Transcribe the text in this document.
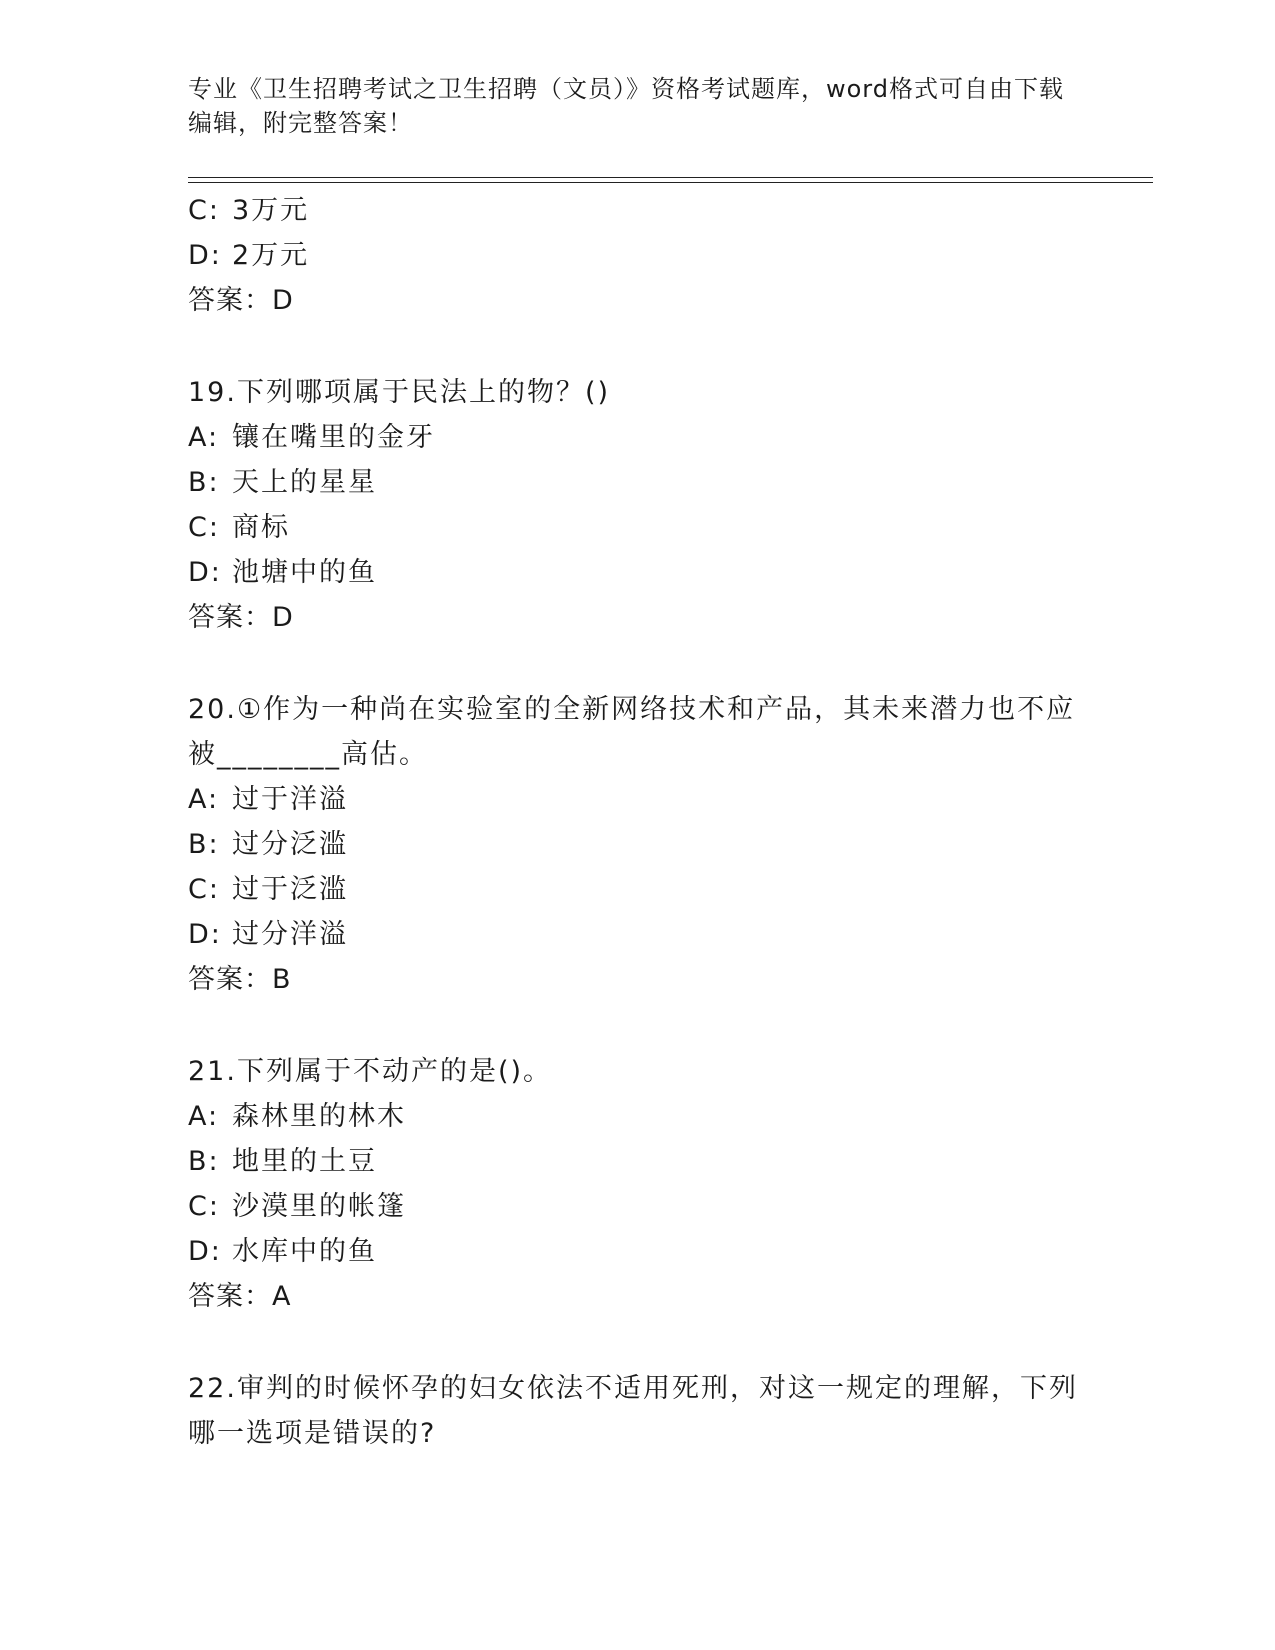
专业《卫生招聘考试之卫生招聘（文员）》资格考试题库，word格式可自由下载
编辑，附完整答案！
C: 3万元
D: 2万元
答案：D
19.下列哪项属于民法上的物？()
A: 镶在嘴里的金牙
B: 天上的星星
C: 商标
D: 池塘中的鱼
答案：D
20.①作为一种尚在实验室的全新网络技术和产品，其未来潜力也不应
被________高估。
A: 过于洋溢
B: 过分泛滥
C: 过于泛滥
D: 过分洋溢
答案：B
21.下列属于不动产的是()。
A: 森林里的林木
B: 地里的土豆
C: 沙漠里的帐篷
D: 水库中的鱼
答案：A
22.审判的时候怀孕的妇女依法不适用死刑，对这一规定的理解，下列
哪一选项是错误的?
